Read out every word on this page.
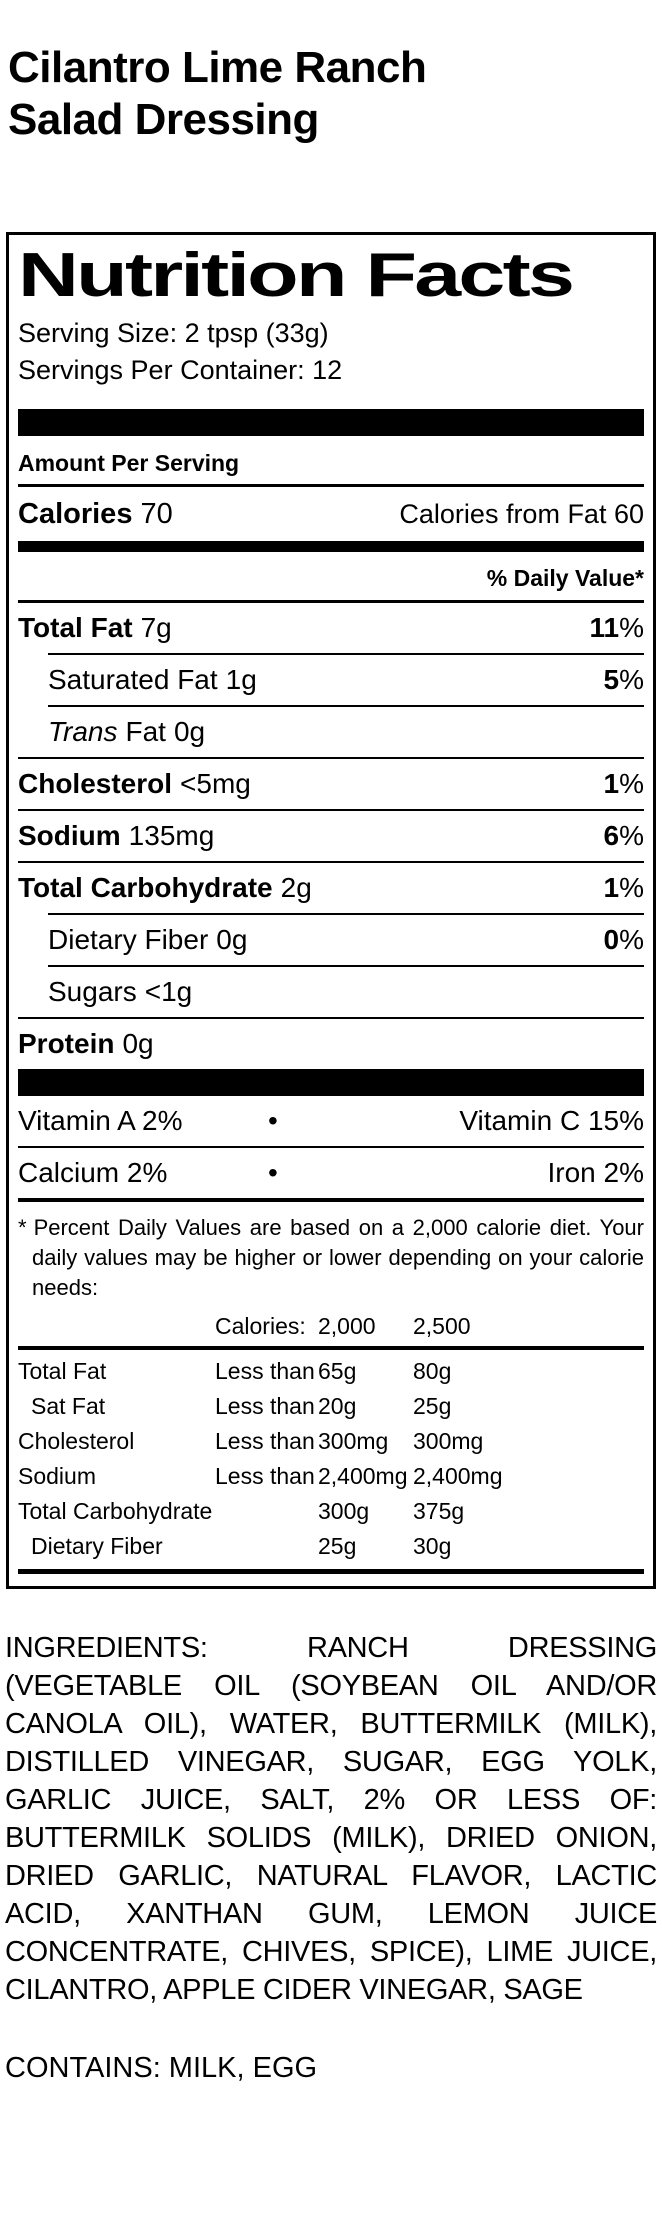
Cilantro Lime Ranch
Salad Dressing
Nutrition Facts
Serving Size: 2 tpsp (33g)
Servings Per Container: 12
Amount Per Serving
Calories 70	Calories from Fat 60
% Daily Value*
Total Fat 7g	11%
Saturated Fat 1g	5%
Trans Fat 0g
Cholesterol <5mg	1%
Sodium 135mg	6%
Total Carbohydrate 2g	1%
Dietary Fiber 0g	0%
Sugars <1g
Protein 0g
Vitamin A 2%	•	Vitamin C 15%
Calcium 2%	•	Iron 2%
* Percent Daily Values are based on a 2,000 calorie diet. Your daily values may be higher or lower depending on your calorie needs:
Calories: 2,000	2,500
Total Fat	Less than 65g	80g
Sat Fat	Less than 20g	25g
Cholesterol	Less than 300mg	300mg
Sodium	Less than 2,400mg 2,400mg
Total Carbohydrate	300g	375g
Dietary Fiber	25g	30g
INGREDIENTS: RANCH DRESSING (VEGETABLE OIL (SOYBEAN OIL AND/OR CANOLA OIL), WATER, BUTTERMILK (MILK), DISTILLED VINEGAR, SUGAR, EGG YOLK, GARLIC JUICE, SALT, 2% OR LESS OF: BUTTERMILK SOLIDS (MILK), DRIED ONION, DRIED GARLIC, NATURAL FLAVOR, LACTIC ACID, XANTHAN GUM, LEMON JUICE CONCENTRATE, CHIVES, SPICE), LIME JUICE, CILANTRO, APPLE CIDER VINEGAR, SAGE
CONTAINS: MILK, EGG
